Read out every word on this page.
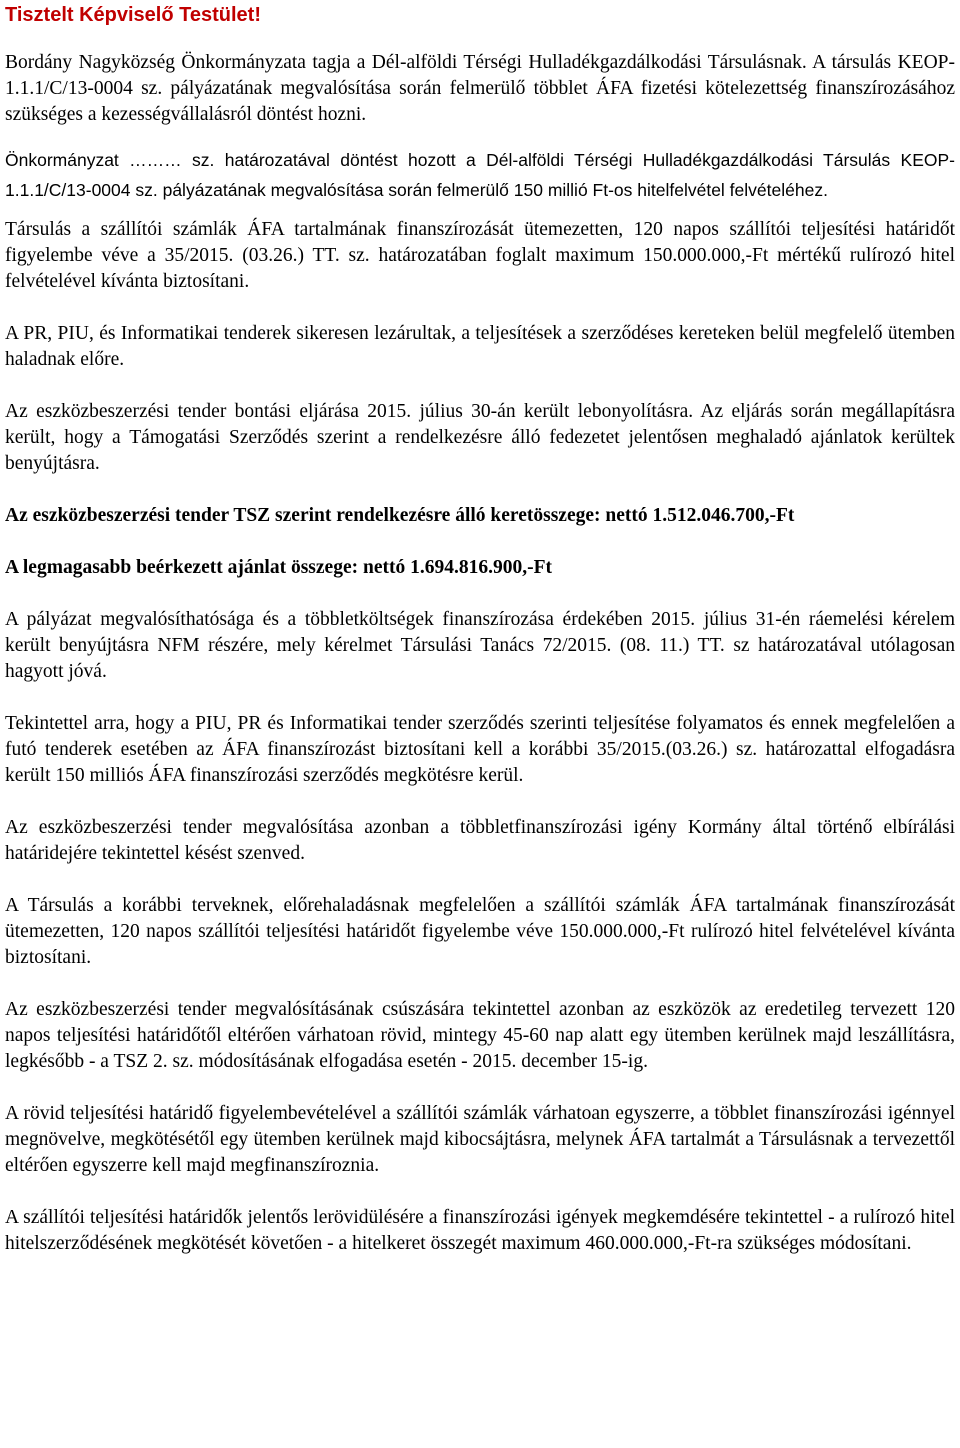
Tisztelt Képviselő Testület!

Bordány Nagyközség Önkormányzata tagja a Dél-alföldi Térségi Hulladékgazdálkodási Társulásnak. A társulás KEOP-1.1.1/C/13-0004 sz. pályázatának megvalósítása során felmerülő többlet ÁFA fizetési kötelezettség finanszírozásához szükséges a kezességvállalásról döntést hozni.

Önkormányzat ……… sz. határozatával döntést hozott a Dél-alföldi Térségi Hulladékgazdálkodási Társulás KEOP-1.1.1/C/13-0004 sz. pályázatának megvalósítása során felmerülő 150 millió Ft-os hitelfelvétel felvételéhez.

Társulás a szállítói számlák ÁFA tartalmának finanszírozását ütemezetten, 120 napos szállítói teljesítési határidőt figyelembe véve a 35/2015. (03.26.) TT. sz. határozatában foglalt maximum 150.000.000,-Ft mértékű rulírozó hitel felvételével kívánta biztosítani.

A PR, PIU, és Informatikai tenderek sikeresen lezárultak, a teljesítések a szerződéses kereteken belül megfelelő ütemben haladnak előre.

Az eszközbeszerzési tender bontási eljárása 2015. július 30-án került lebonyolításra. Az eljárás során megállapításra került, hogy a Támogatási Szerződés szerint a rendelkezésre álló fedezetet jelentősen meghaladó ajánlatok kerültek benyújtásra.

Az eszközbeszerzési tender TSZ szerint rendelkezésre álló keretösszege: nettó 1.512.046.700,-Ft

A legmagasabb beérkezett ajánlat összege: nettó 1.694.816.900,-Ft

A pályázat megvalósíthatósága és a többletköltségek finanszírozása érdekében 2015. július 31-én ráemelési kérelem került benyújtásra NFM részére, mely kérelmet Társulási Tanács 72/2015. (08. 11.) TT. sz határozatával utólagosan hagyott jóvá.

Tekintettel arra, hogy a PIU, PR és Informatikai tender szerződés szerinti teljesítése folyamatos és ennek megfelelően a futó tenderek esetében az ÁFA finanszírozást biztosítani kell a korábbi 35/2015.(03.26.) sz. határozattal elfogadásra került 150 milliós ÁFA finanszírozási szerződés megkötésre kerül.

Az eszközbeszerzési tender megvalósítása azonban a többletfinanszírozási igény Kormány által történő elbírálási határidejére tekintettel késést szenved.

A Társulás a korábbi terveknek, előrehaladásnak megfelelően a szállítói számlák ÁFA tartalmának finanszírozását ütemezetten, 120 napos szállítói teljesítési határidőt figyelembe véve 150.000.000,-Ft rulírozó hitel felvételével kívánta biztosítani.

Az eszközbeszerzési tender megvalósításának csúszására tekintettel azonban az eszközök az eredetileg tervezett 120 napos teljesítési határidőtől eltérően várhatoan rövid, mintegy 45-60 nap alatt egy ütemben kerülnek majd leszállításra, legkésőbb - a TSZ 2. sz. módosításának elfogadása esetén - 2015. december 15-ig.

A rövid teljesítési határidő figyelembevételével a szállítói számlák várhatoan egyszerre, a többlet finanszírozási igénnyel megnövelve, megkötésétől egy ütemben kerülnek majd kibocsájtásra, melynek ÁFA tartalmát a Társulásnak a tervezettől eltérően egyszerre kell majd megfinanszíroznia.

A szállítói teljesítési határidők jelentős lerövidülésére a finanszírozási igények megkemdésére tekintettel - a rulírozó hitel hitelszerződésének megkötését követően - a hitelkeret összegét maximum 460.000.000,-Ft-ra szükséges módosítani.
